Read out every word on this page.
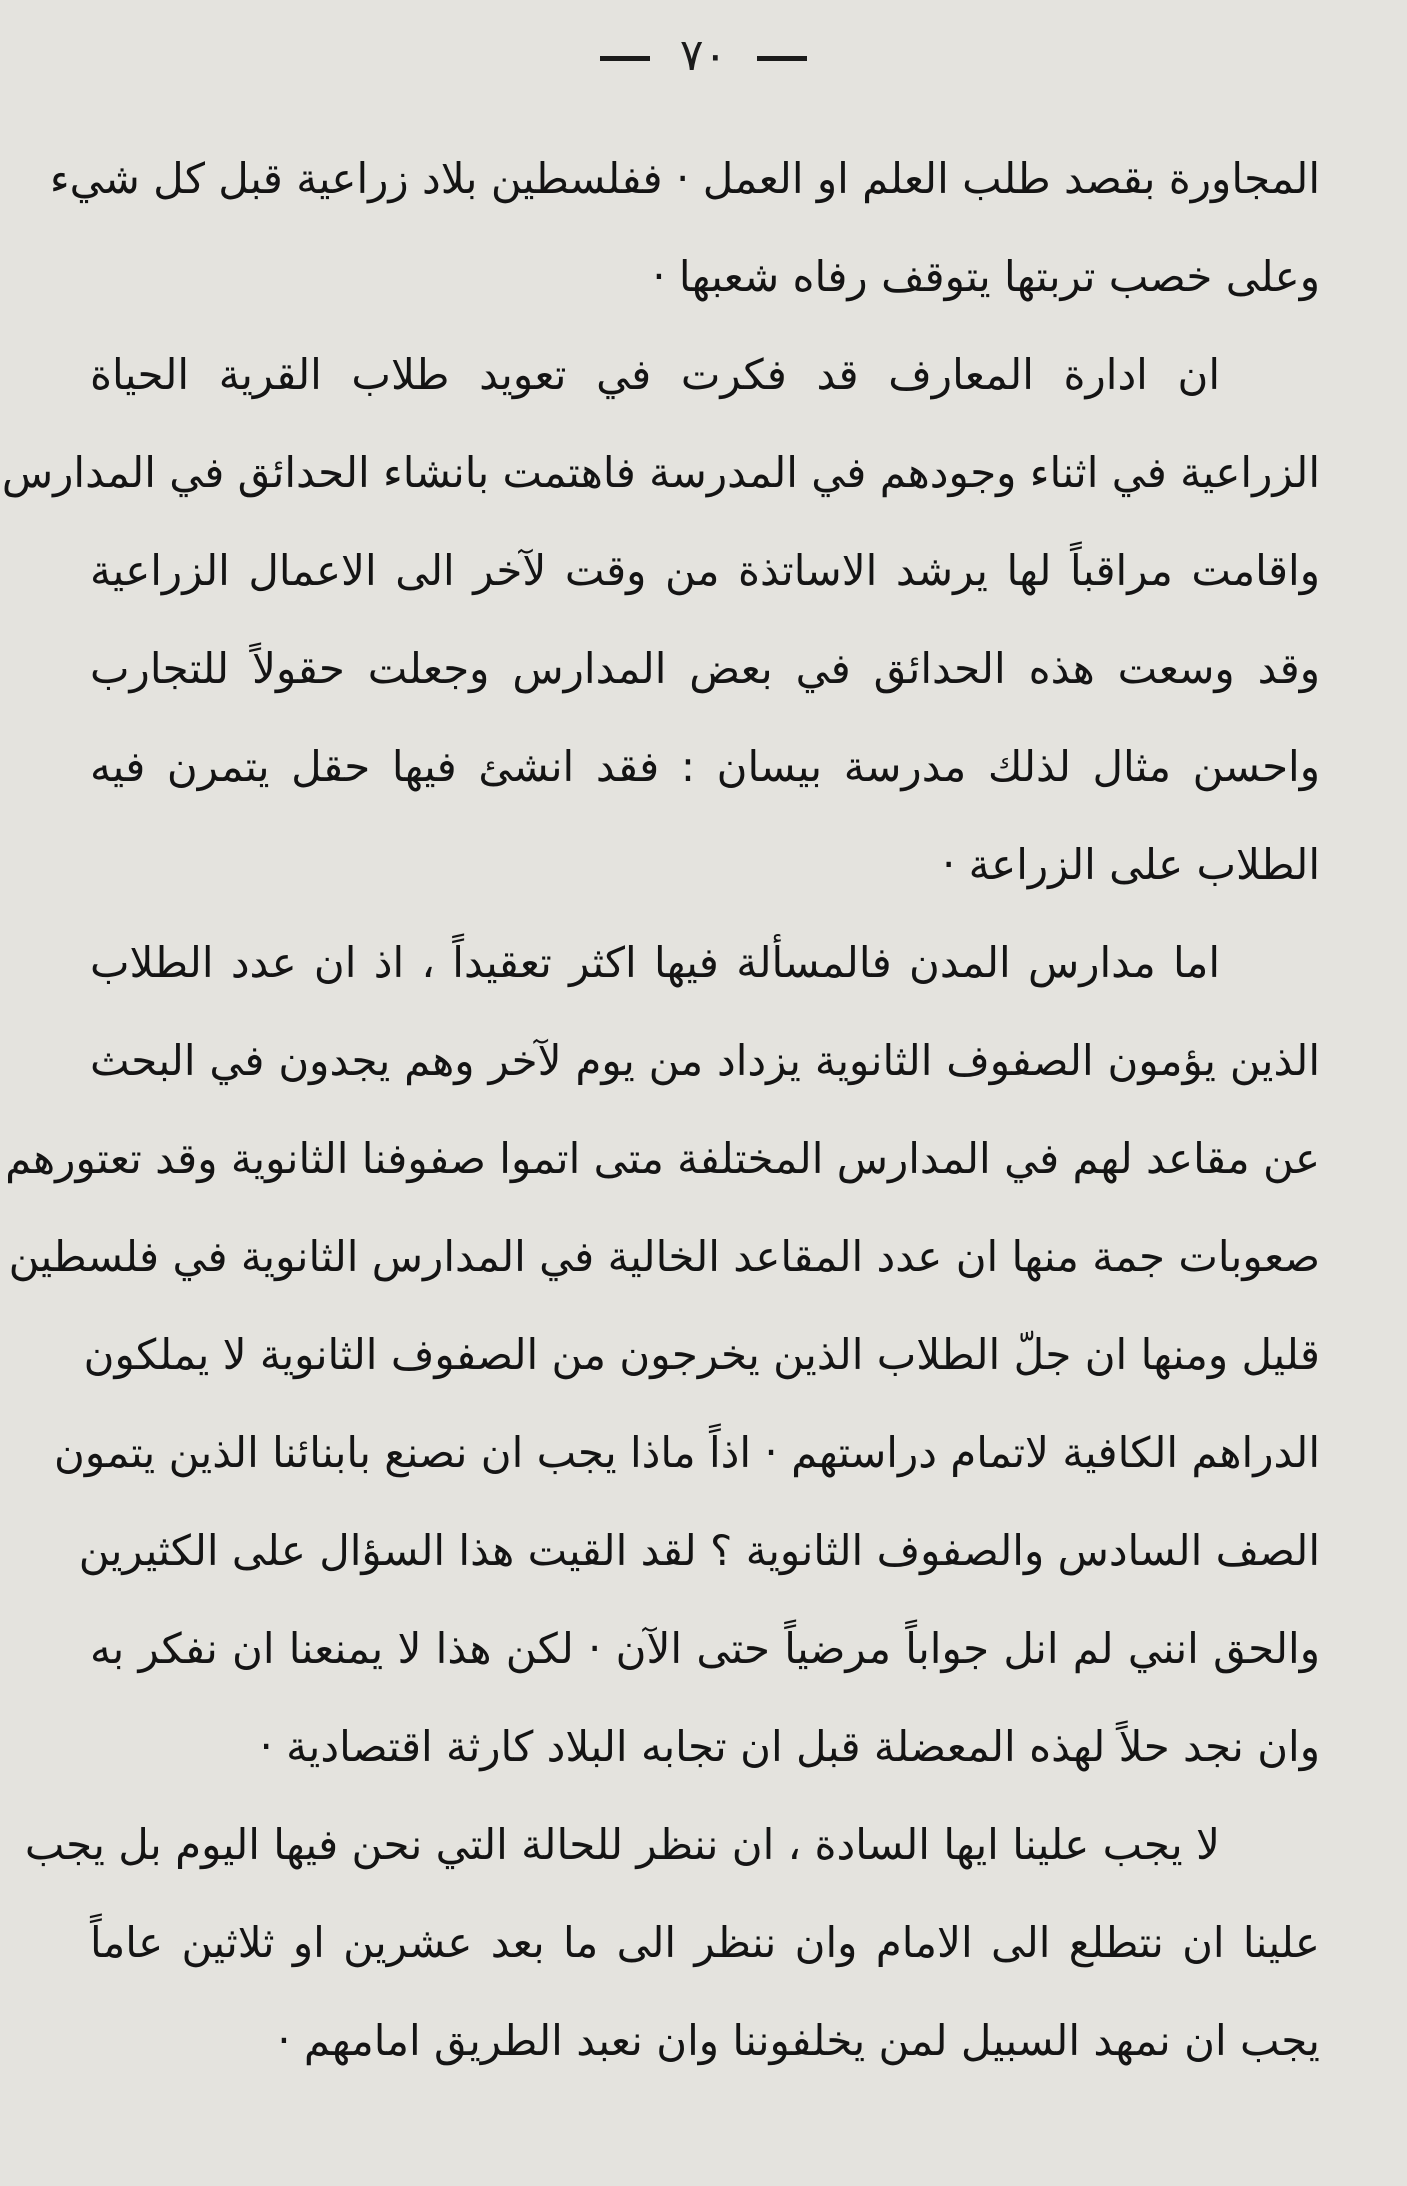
٧٠

المجاورة بقصد طلب العلم او العمل · ففلسطين بلاد زراعية قبل كل شيء
وعلى خصب تربتها يتوقف رفاه شعبها ·

ان ادارة المعارف قد فكرت في تعويد طلاب القرية الحياة
الزراعية في اثناء وجودهم في المدرسة فاهتمت بانشاء الحدائق في المدارس
واقامت مراقباً لها يرشد الاساتذة من وقت لآخر الى الاعمال الزراعية
وقد وسعت هذه الحدائق في بعض المدارس وجعلت حقولاً للتجارب
واحسن مثال لذلك مدرسة بيسان : فقد انشئ فيها حقل يتمرن فيه
الطلاب على الزراعة ·

اما مدارس المدن فالمسألة فيها اكثر تعقيداً ، اذ ان عدد الطلاب
الذين يؤمون الصفوف الثانوية يزداد من يوم لآخر وهم يجدون في البحث
عن مقاعد لهم في المدارس المختلفة متى اتموا صفوفنا الثانوية وقد تعتورهم
صعوبات جمة منها ان عدد المقاعد الخالية في المدارس الثانوية في فلسطين
قليل ومنها ان جلّ الطلاب الذين يخرجون من الصفوف الثانوية لا يملكون
الدراهم الكافية لاتمام دراستهم · اذاً ماذا يجب ان نصنع بابنائنا الذين يتمون
الصف السادس والصفوف الثانوية ؟ لقد القيت هذا السؤال على الكثيرين
والحق انني لم انل جواباً مرضياً حتى الآن · لكن هذا لا يمنعنا ان نفكر به
وان نجد حلاً لهذه المعضلة قبل ان تجابه البلاد كارثة اقتصادية ·

لا يجب علينا ايها السادة ، ان ننظر للحالة التي نحن فيها اليوم بل يجب
علينا ان نتطلع الى الامام وان ننظر الى ما بعد عشرين او ثلاثين عاماً
يجب ان نمهد السبيل لمن يخلفوننا وان نعبد الطريق امامهم ·
